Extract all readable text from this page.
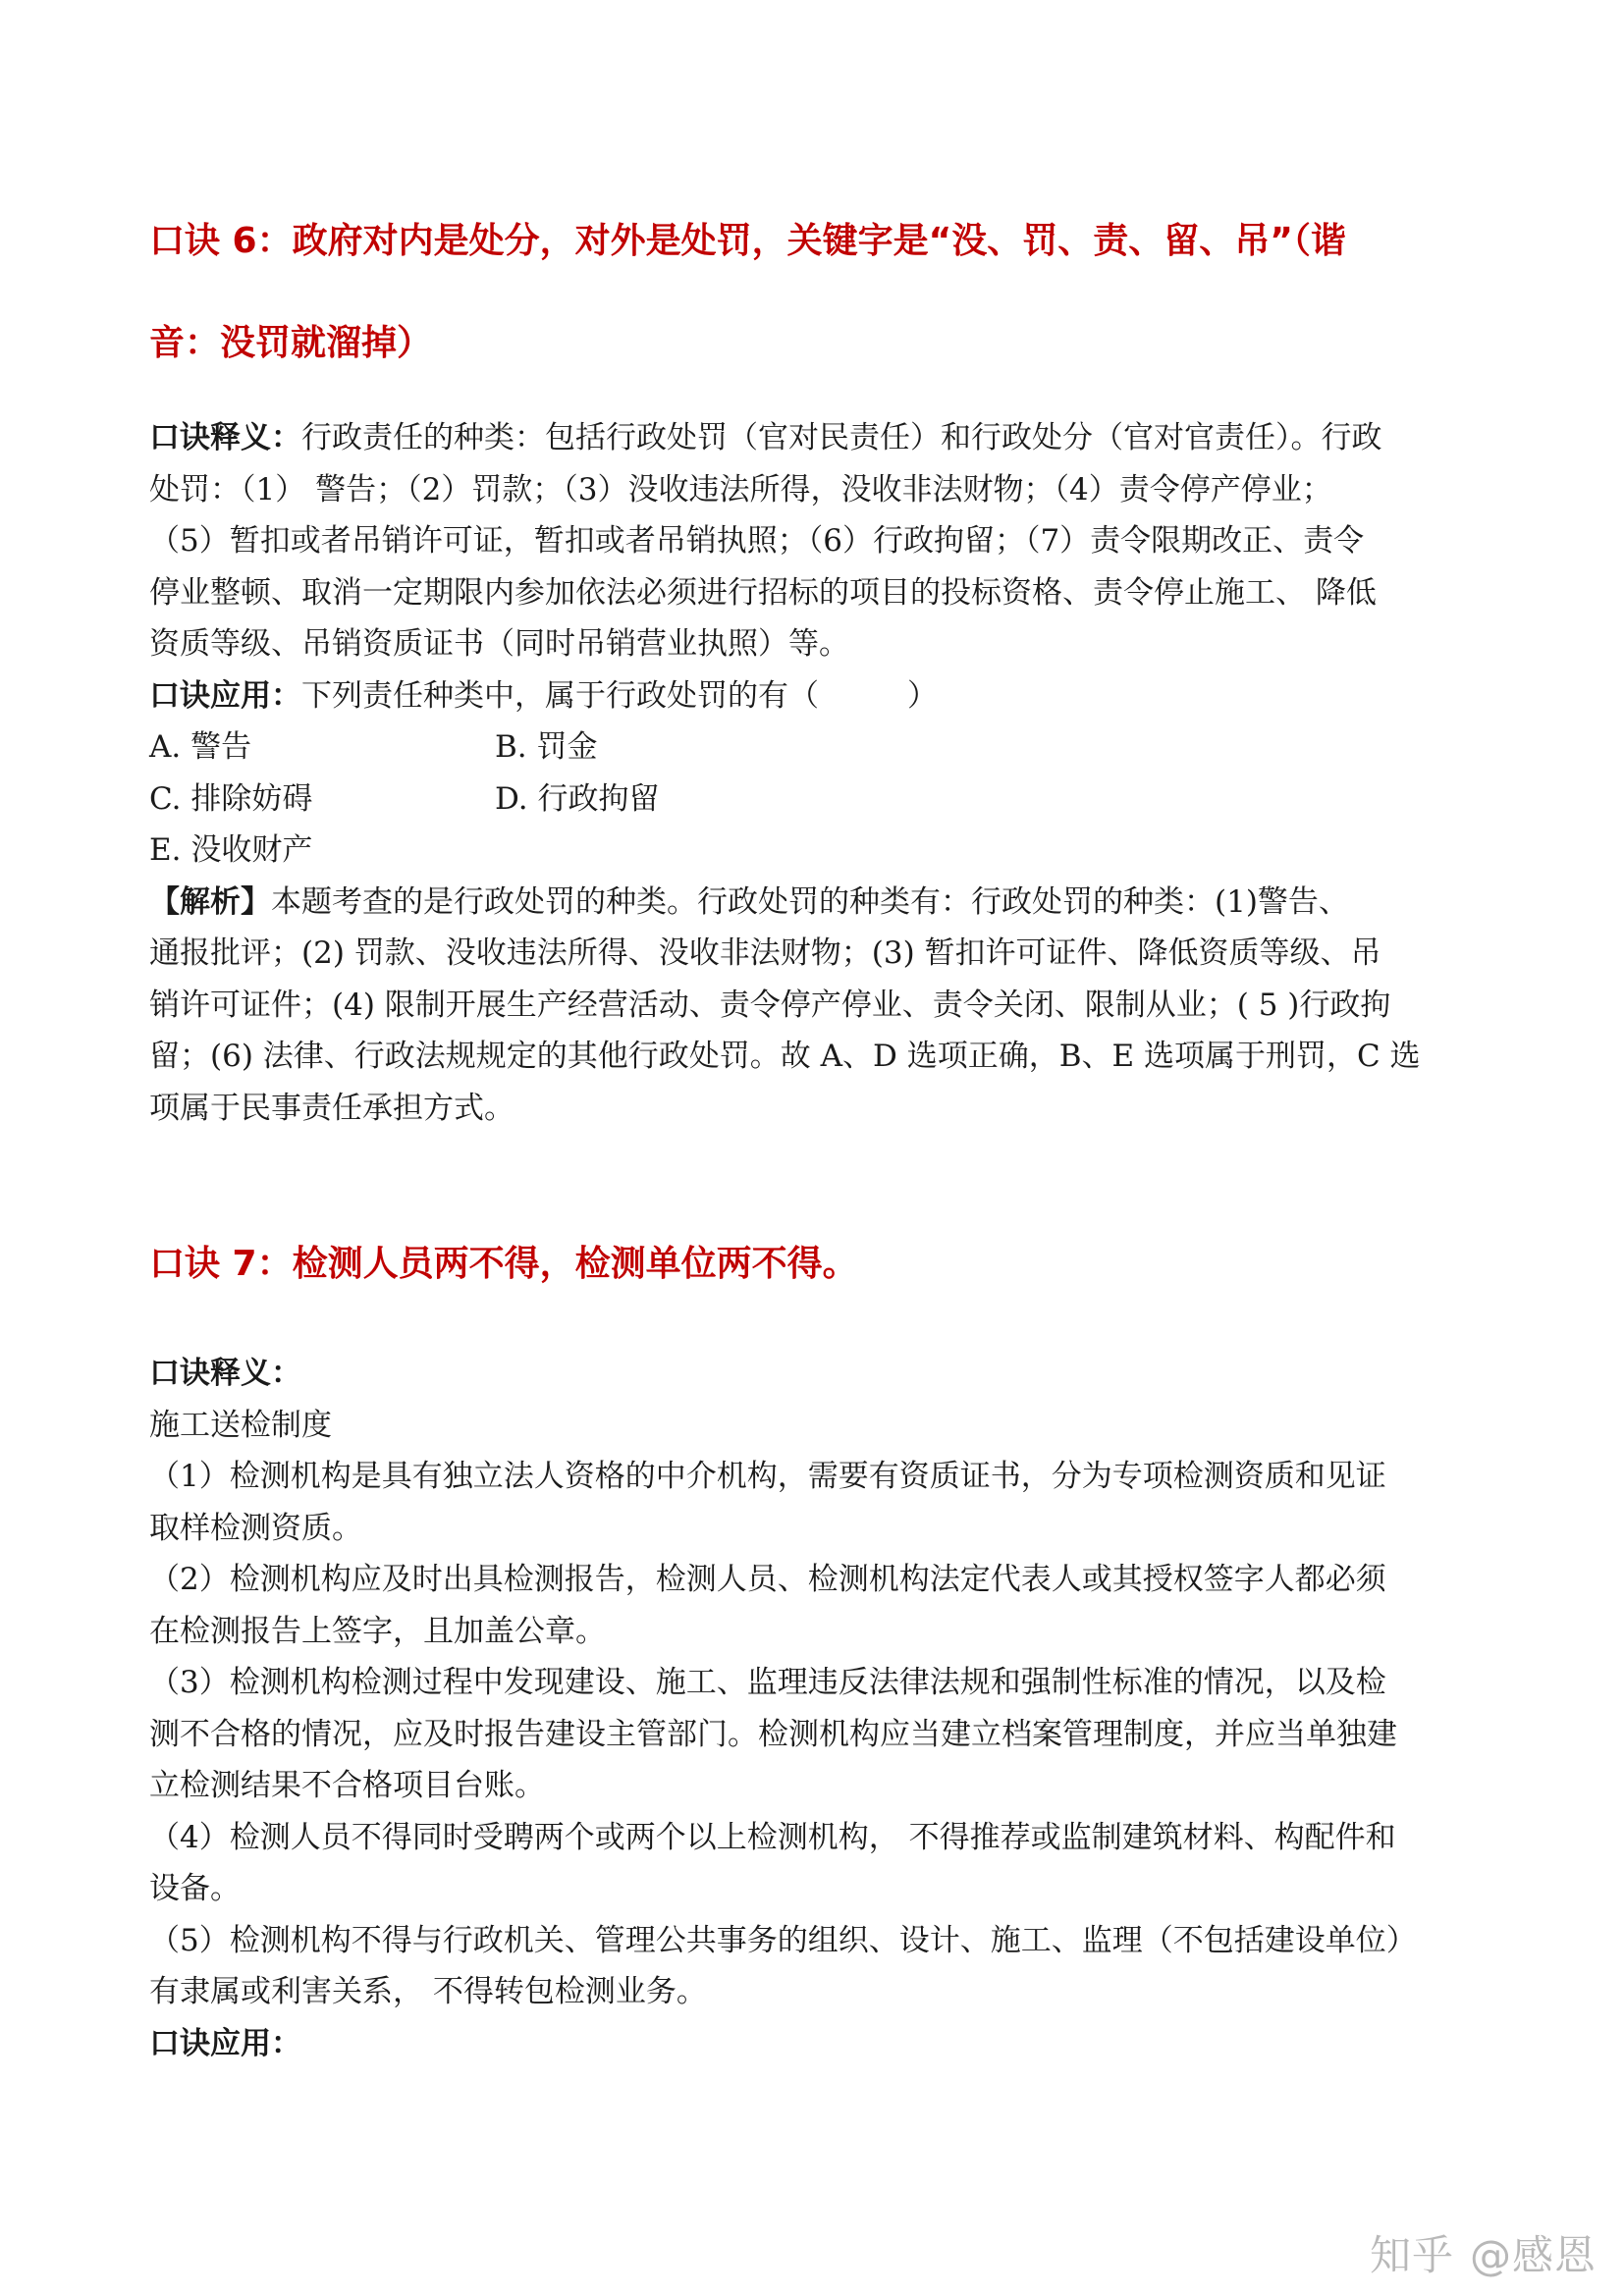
口诀 6：政府对内是处分，对外是处罚，关键字是“没、罚、责、留、吊”（谐
音：没罚就溜掉）
口诀释义：行政责任的种类：包括行政处罚（官对民责任）和行政处分（官对官责任）。行政
处罚：（1） 警告；（2）罚款；（3）没收违法所得，没收非法财物；（4）责令停产停业；
（5）暂扣或者吊销许可证，暂扣或者吊销执照；（6）行政拘留；（7）责令限期改正、责令
停业整顿、取消一定期限内参加依法必须进行招标的项目的投标资格、责令停止施工、 降低
资质等级、吊销资质证书（同时吊销营业执照）等。
口诀应用：下列责任种类中，属于行政处罚的有（	）
A. 警告	B. 罚金
C. 排除妨碍	D. 行政拘留
E. 没收财产
【解析】本题考查的是行政处罚的种类。行政处罚的种类有：行政处罚的种类：(1)警告、
通报批评；(2) 罚款、没收违法所得、没收非法财物；(3) 暂扣许可证件、降低资质等级、吊
销许可证件；(4) 限制开展生产经营活动、责令停产停业、责令关闭、限制从业；( 5 )行政拘
留；(6) 法律、行政法规规定的其他行政处罚。故 A、D 选项正确，B、E 选项属于刑罚，C 选
项属于民事责任承担方式。
口诀 7：检测人员两不得，检测单位两不得。
口诀释义：
施工送检制度
（1）检测机构是具有独立法人资格的中介机构，需要有资质证书，分为专项检测资质和见证
取样检测资质。
（2）检测机构应及时出具检测报告，检测人员、检测机构法定代表人或其授权签字人都必须
在检测报告上签字，且加盖公章。
（3）检测机构检测过程中发现建设、施工、监理违反法律法规和强制性标准的情况，以及检
测不合格的情况，应及时报告建设主管部门。检测机构应当建立档案管理制度，并应当单独建
立检测结果不合格项目台账。
（4）检测人员不得同时受聘两个或两个以上检测机构， 不得推荐或监制建筑材料、构配件和
设备。
（5）检测机构不得与行政机关、管理公共事务的组织、设计、施工、监理（不包括建设单位）
有隶属或利害关系， 不得转包检测业务。
口诀应用：
知乎 @感恩
